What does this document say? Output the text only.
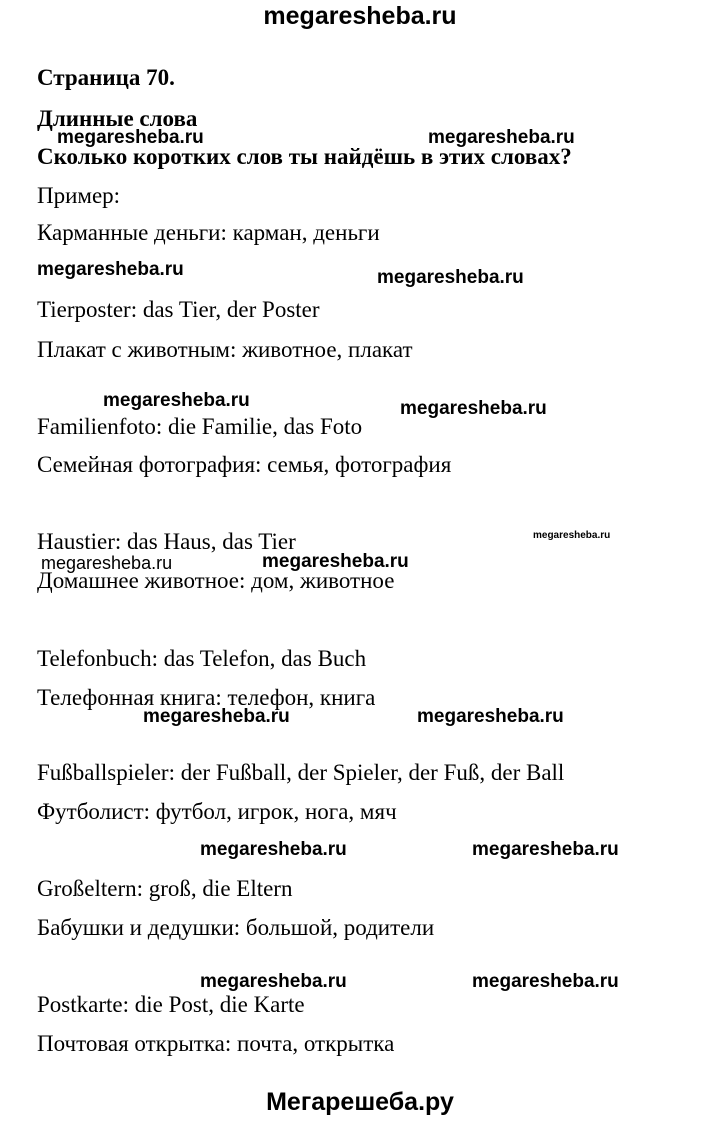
megaresheba.ru
Страница 70.
Длинные слова
Сколько коротких слов ты найдёшь в этих словах?
Пример:
Карманные деньги: карман, деньги
Tierposter: das Tier, der Poster
Плакат с животным: животное, плакат
Familienfoto: die Familie, das Foto
Семейная фотография: семья, фотография
Haustier: das Haus, das Tier
Домашнее животное: дом, животное
Telefonbuch: das Telefon, das Buch
Телефонная книга: телефон, книга
Fußballspieler: der Fußball, der Spieler, der Fuß, der Ball
Футболист: футбол, игрок, нога, мяч
Großeltern: groß, die Eltern
Бабушки и дедушки: большой, родители
Postkarte: die Post, die Karte
Почтовая открытка: почта, открытка
megaresheba.ru	megaresheba.ru
megaresheba.ru	megaresheba.ru
megaresheba.ru	megaresheba.ru
megaresheba.ru
megaresheba.ru	megaresheba.ru
megaresheba.ru	megaresheba.ru
megaresheba.ru	megaresheba.ru
megaresheba.ru	megaresheba.ru
Мегарешеба.ру
